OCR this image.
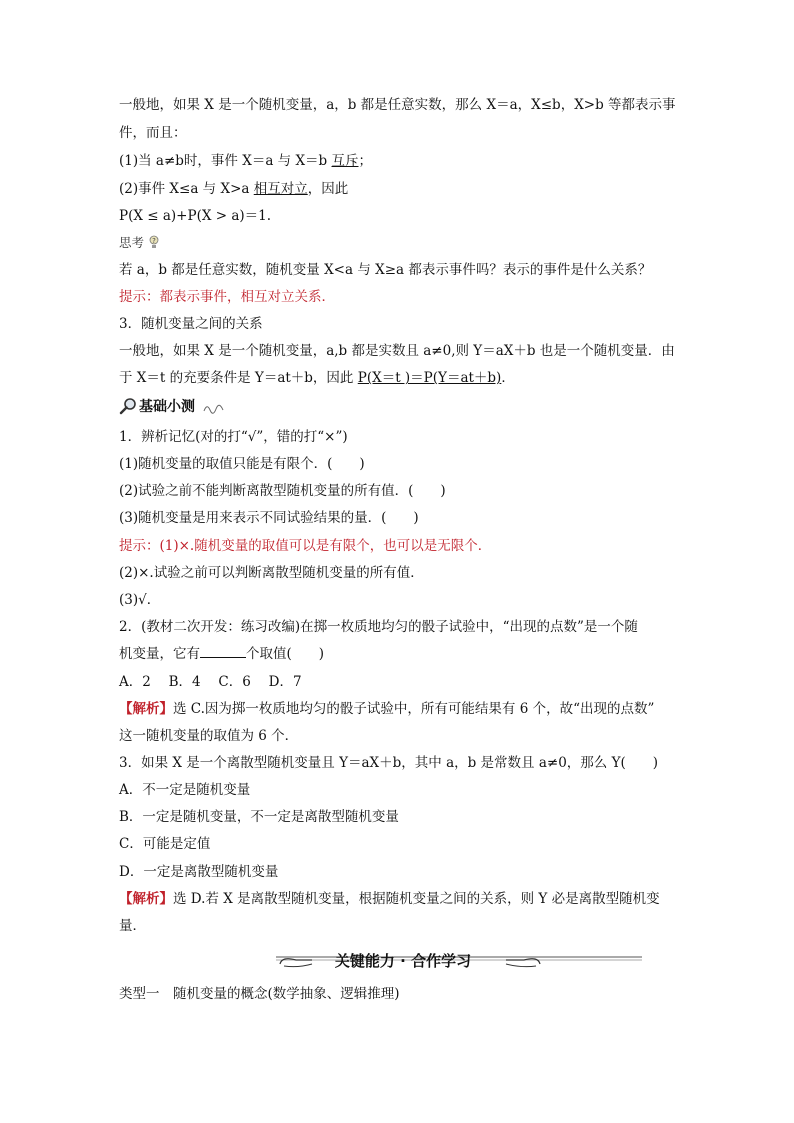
一般地，如果 X 是一个随机变量，a，b 都是任意实数，那么 X＝a，X≤b，X>b 等都表示事
件，而且：
(1)当 a≠b时，事件 X＝a 与 X＝b 互斥；
(2)事件 X≤a 与 X>a 相互对立，因此
P(X ≤ a)+P(X > a)＝1.
思考 ?
若 a，b 都是任意实数，随机变量 X<a 与 X≥a 都表示事件吗？表示的事件是什么关系？
提示：都表示事件，相互对立关系．
3．随机变量之间的关系
一般地，如果 X 是一个随机变量，a,b 都是实数且 a≠0,则 Y＝aX＋b 也是一个随机变量．由
于 X＝t 的充要条件是 Y＝at＋b，因此 P(X＝t )＝P(Y＝at＋b)．
基础小测
1．辨析记忆(对的打“√”，错的打“×”)
(1)随机变量的取值只能是有限个．(　　)
(2)试验之前不能判断离散型随机变量的所有值．(　　)
(3)随机变量是用来表示不同试验结果的量．(　　)
提示：(1)×.随机变量的取值可以是有限个，也可以是无限个．
(2)×.试验之前可以判断离散型随机变量的所有值．
(3)√．
2．(教材二次开发：练习改编)在掷一枚质地均匀的骰子试验中，“出现的点数”是一个随
机变量，它有	个取值(　　)
A．2　 B．4　 C．6　 D．7
【解析】选 C.因为掷一枚质地均匀的骰子试验中，所有可能结果有 6 个，故“出现的点数”
这一随机变量的取值为 6 个．
3．如果 X 是一个离散型随机变量且 Y＝aX＋b，其中 a，b 是常数且 a≠0，那么 Y(　　)
A．不一定是随机变量
B．一定是随机变量，不一定是离散型随机变量
C．可能是定值
D．一定是离散型随机变量
【解析】选 D.若 X 是离散型随机变量，根据随机变量之间的关系，则 Y 必是离散型随机变
量．
关键能力 · 合作学习
类型一　随机变量的概念(数学抽象、逻辑推理)
